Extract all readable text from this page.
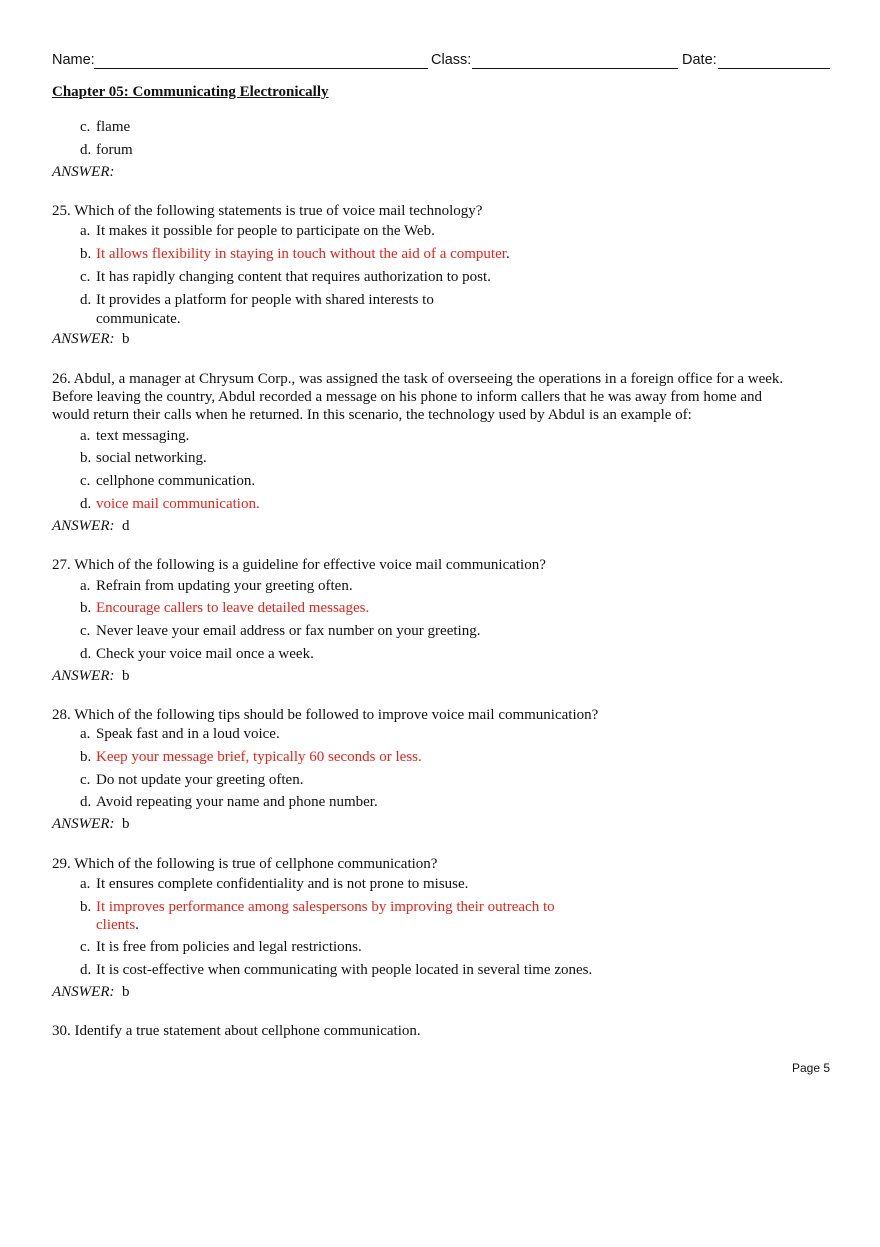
Name:	Class:	Date:
Chapter 05: Communicating Electronically
c. flame
d. forum
ANSWER:
25. Which of the following statements is true of voice mail technology?
a. It makes it possible for people to participate on the Web.
b. It allows flexibility in staying in touch without the aid of a computer.
c. It has rapidly changing content that requires authorization to post.
d. It provides a platform for people with shared interests to
communicate.
ANSWER: b
26. Abdul, a manager at Chrysum Corp., was assigned the task of overseeing the operations in a foreign office for a week.
Before leaving the country, Abdul recorded a message on his phone to inform callers that he was away from home and
would return their calls when he returned. In this scenario, the technology used by Abdul is an example of:
a. text messaging.
b. social networking.
c. cellphone communication.
d. voice mail communication.
ANSWER: d
27. Which of the following is a guideline for effective voice mail communication?
a. Refrain from updating your greeting often.
b. Encourage callers to leave detailed messages.
c. Never leave your email address or fax number on your greeting.
d. Check your voice mail once a week.
ANSWER: b
28. Which of the following tips should be followed to improve voice mail communication?
a. Speak fast and in a loud voice.
b. Keep your message brief, typically 60 seconds or less.
c. Do not update your greeting often.
d. Avoid repeating your name and phone number.
ANSWER: b
29. Which of the following is true of cellphone communication?
a. It ensures complete confidentiality and is not prone to misuse.
b. It improves performance among salespersons by improving their outreach to
clients.
c. It is free from policies and legal restrictions.
d. It is cost-effective when communicating with people located in several time zones.
ANSWER: b
30. Identify a true statement about cellphone communication.
Page 5
